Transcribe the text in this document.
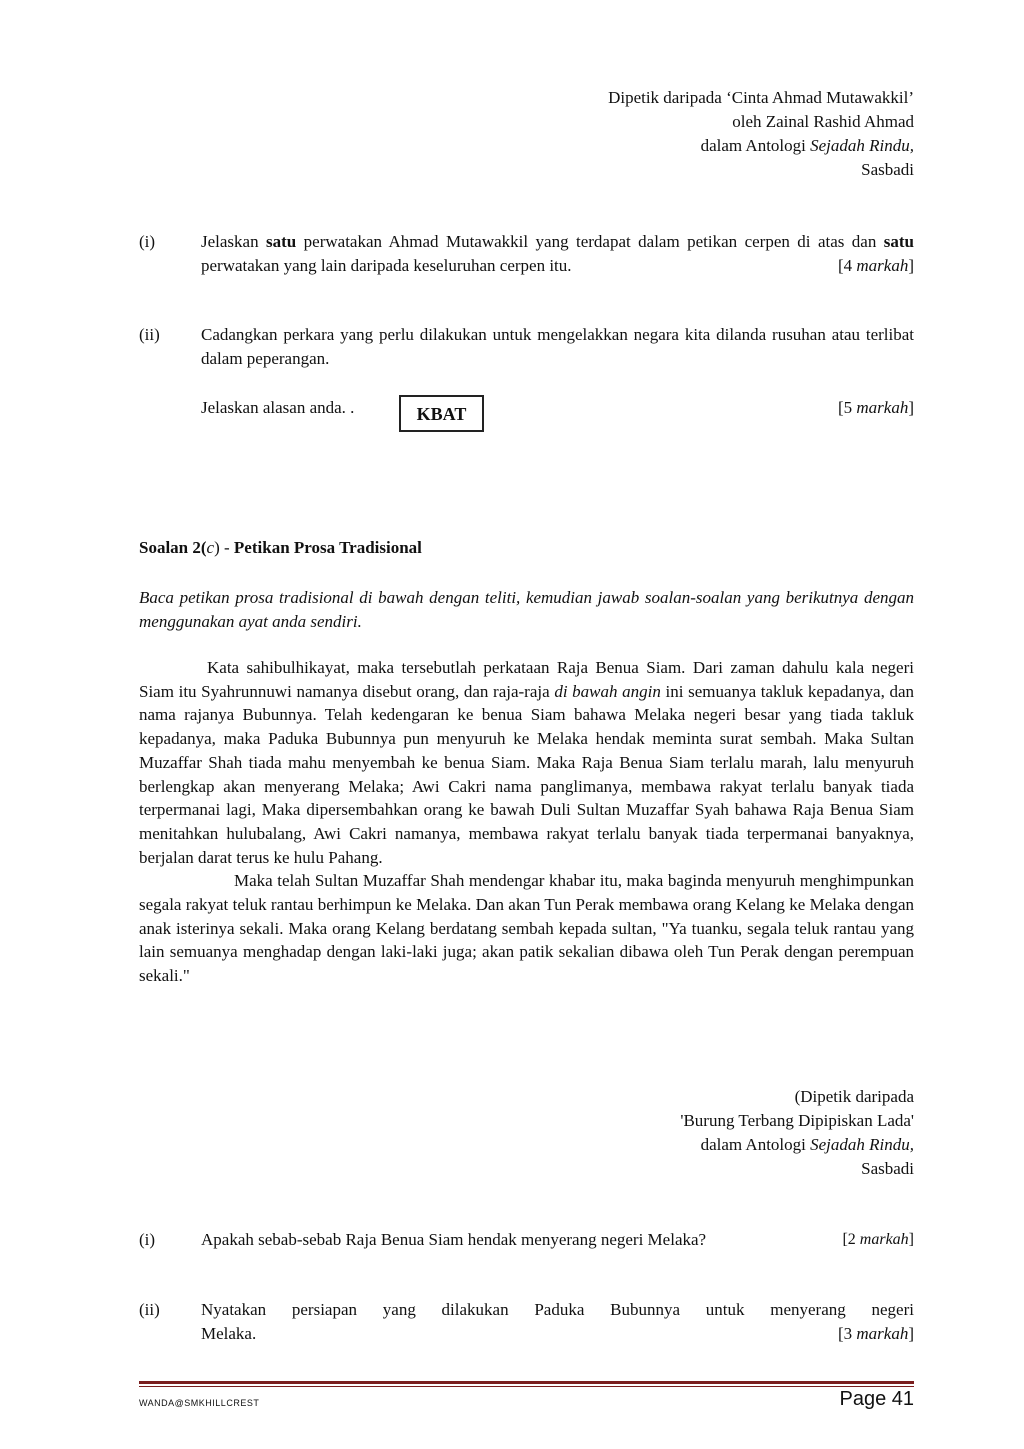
Dipetik daripada ‘Cinta Ahmad Mutawakkil’
oleh Zainal Rashid Ahmad
dalam Antologi Sejadah Rindu,
Sasbadi
(i)	Jelaskan satu perwatakan Ahmad Mutawakkil yang terdapat dalam petikan cerpen di atas dan satu perwatakan yang lain daripada keseluruhan cerpen itu.	[4 markah]
(ii)	Cadangkan perkara yang perlu dilakukan untuk mengelakkan negara kita dilanda rusuhan atau terlibat dalam peperangan.
Jelaskan alasan anda. .	[5 markah]
KBAT
Soalan 2(c) - Petikan Prosa Tradisional
Baca petikan prosa tradisional di bawah dengan teliti, kemudian jawab soalan-soalan yang berikutnya dengan menggunakan ayat anda sendiri.

Kata sahibulhikayat, maka tersebutlah perkataan Raja Benua Siam. Dari zaman dahulu kala negeri Siam itu Syahrunnuwi namanya disebut orang, dan raja-raja di bawah angin ini semuanya takluk kepadanya, dan nama rajanya Bubunnya. Telah kedengaran ke benua Siam bahawa Melaka negeri besar yang tiada takluk kepadanya, maka Paduka Bubunnya pun menyuruh ke Melaka hendak meminta surat sembah. Maka Sultan Muzaffar Shah tiada mahu menyembah ke benua Siam. Maka Raja Benua Siam terlalu marah, lalu menyuruh berlengkap akan menyerang Melaka; Awi Cakri nama panglimanya, membawa rakyat terlalu banyak tiada terpermanai lagi, Maka dipersembahkan orang ke bawah Duli Sultan Muzaffar Syah bahawa Raja Benua Siam menitahkan hulubalang, Awi Cakri namanya, membawa rakyat terlalu banyak tiada terpermanai banyaknya, berjalan darat terus ke hulu Pahang.

Maka telah Sultan Muzaffar Shah mendengar khabar itu, maka baginda menyuruh menghimpunkan segala rakyat teluk rantau berhimpun ke Melaka. Dan akan Tun Perak membawa orang Kelang ke Melaka dengan anak isterinya sekali. Maka orang Kelang berdatang sembah kepada sultan, "Ya tuanku, segala teluk rantau yang lain semuanya menghadap dengan laki-laki juga; akan patik sekalian dibawa oleh Tun Perak dengan perempuan sekali."

(Dipetik daripada
'Burung Terbang Dipipiskan Lada'
dalam Antologi Sejadah Rindu,
Sasbadi
(i)	Apakah sebab-sebab Raja Benua Siam hendak menyerang negeri Melaka?	[2 markah]
(ii)	Nyatakan persiapan yang dilakukan Paduka Bubunnya untuk menyerang negeri
Melaka.	[3 markah]
WANDA@SMKHILLCREST	Page 41
